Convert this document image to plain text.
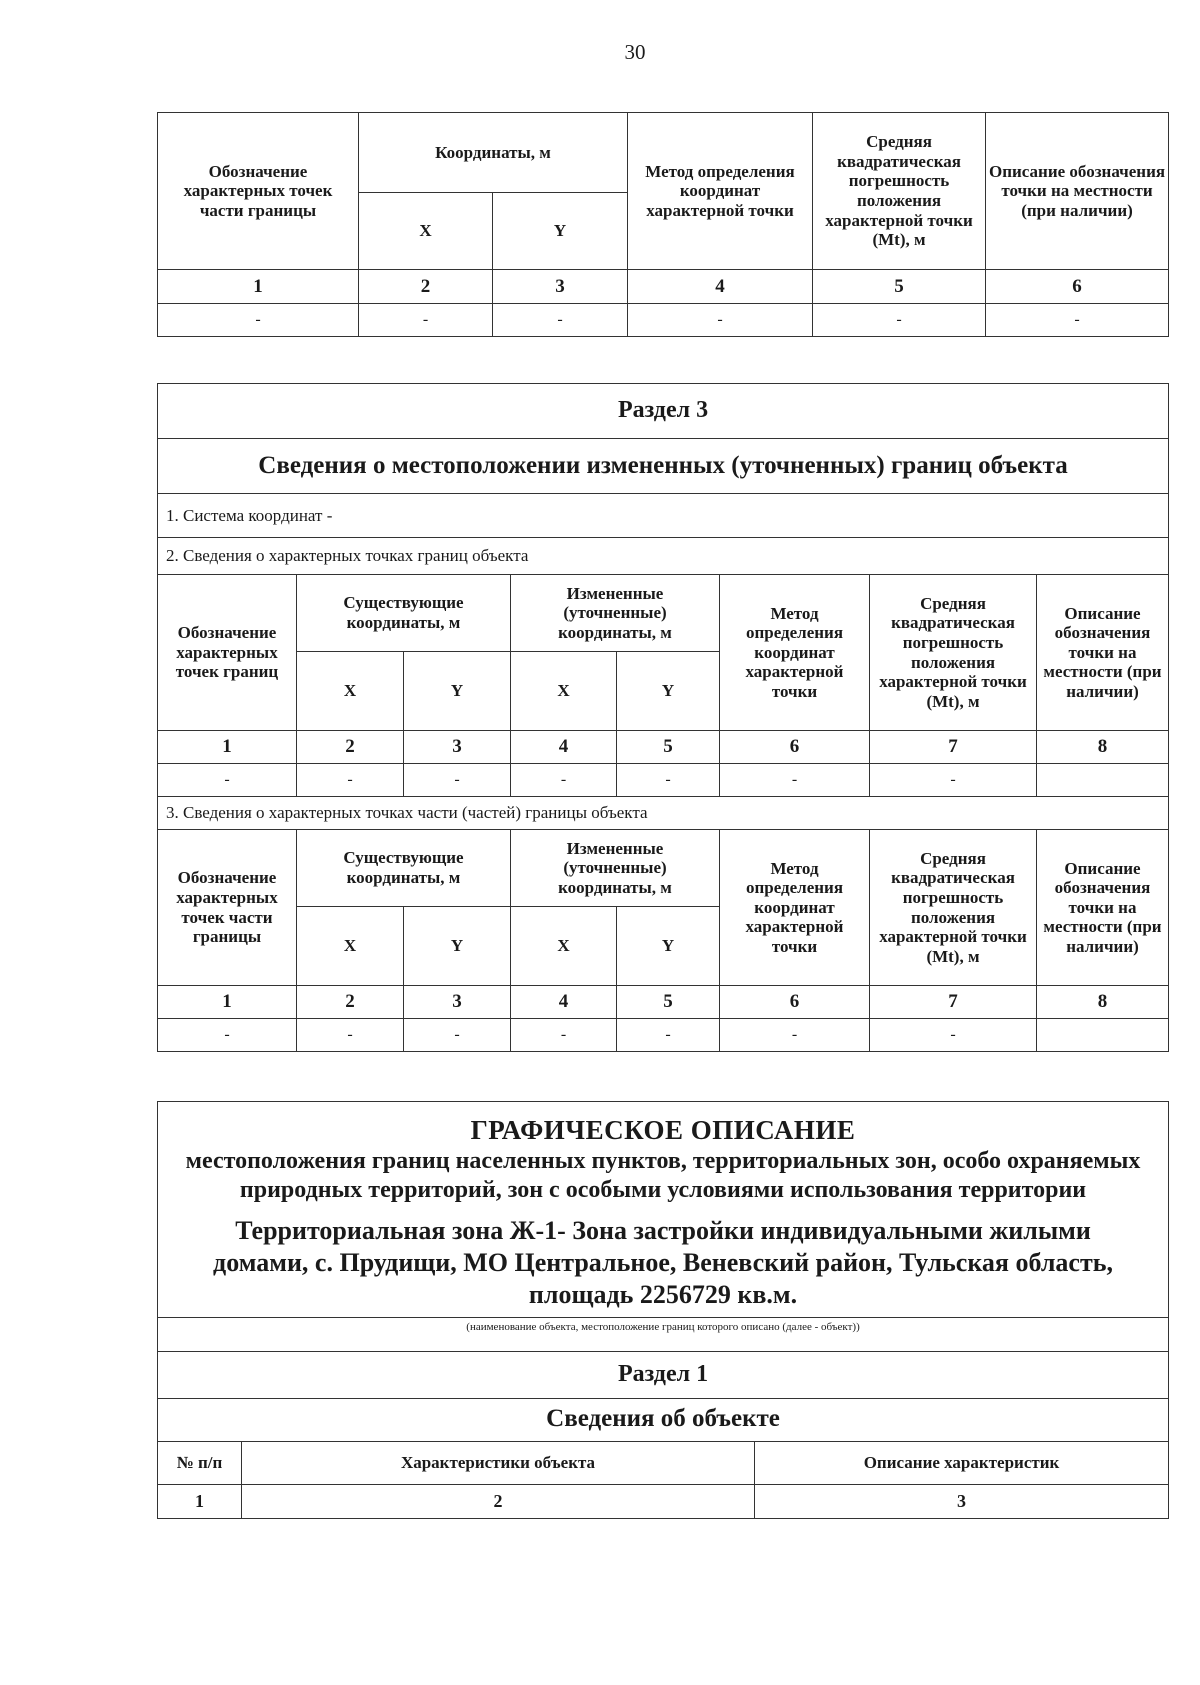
30
Обозначение характерных точек части границы	Координаты, м		Метод определения координат характерной точки	Средняя квадратическая погрешность положения характерной точки (Mt), м	Описание обозначения точки на местности (при наличии)
	X	Y			
1	2	3	4	5	6
-	-	-	-	-	-
Раздел 3							
Сведения о местоположении измененных (уточненных) границ объекта							
1. Система координат -							
2. Сведения о характерных точках границ объекта							
Обозначение характерных точек границ	Существующие координаты, м		Измененные (уточненные) координаты, м		Метод определения координат характерной точки	Средняя квадратическая погрешность положения характерной точки (Mt), м	Описание обозначения точки на местности (при наличии)
	X	Y	X	Y			
1	2	3	4	5	6	7	8
-	-	-	-	-	-	-	
3. Сведения о характерных точках части (частей) границы объекта							
Обозначение характерных точек части границы	Существующие координаты, м		Измененные (уточненные) координаты, м		Метод определения координат характерной точки	Средняя квадратическая погрешность положения характерной точки (Mt), м	Описание обозначения точки на местности (при наличии)
	X	Y	X	Y			
1	2	3	4	5	6	7	8
-	-	-	-	-	-	-	
ГРАФИЧЕСКОЕ ОПИСАНИЕ
местоположения границ населенных пунктов, территориальных зон, особо охраняемых природных территорий, зон с особыми условиями использования территории
Территориальная зона Ж-1- Зона застройки индивидуальными жилыми домами, с. Прудищи, МО Центральное, Веневский район, Тульская область, площадь 2256729 кв.м.		

(наименование объекта, местоположение границ которого описано (далее - объект))		
Раздел 1		
Сведения об объекте		
№ п/п	Характеристики объекта	Описание характеристик
1	2	3
